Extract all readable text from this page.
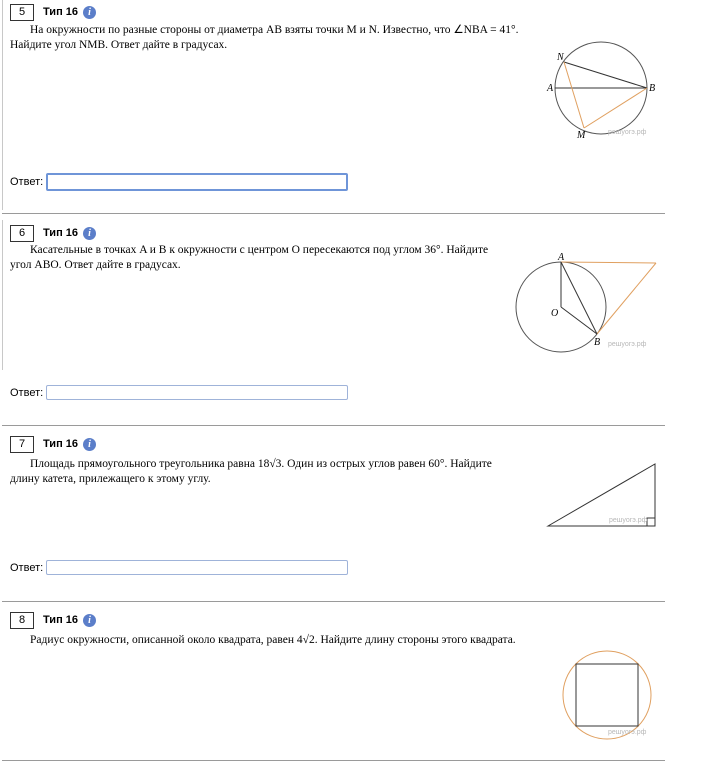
5	Тип 16	i
На окружности по разные стороны от диаметра AB взяты точки M и N. Известно, что ∠NBA = 41°.
Найдите угол NMB. Ответ дайте в градусах.
N
A	B
M	решуогэ.рф
Ответ:
6	Тип 16	i
Касательные в точках A и B к окружности с центром O пересекаются под углом 36°. Найдите
угол ABO. Ответ дайте в градусах.
A
O
B решуогэ.рф
Ответ:
7	Тип 16	i
Площадь прямоугольного треугольника равна 18√3. Один из острых углов равен 60°. Найдите
длину катета, прилежащего к этому углу.
решуогэ.рф
Ответ:
8	Тип 16	i
Радиус окружности, описанной около квадрата, равен 4√2. Найдите длину стороны этого квадрата.
решуогэ.рф
